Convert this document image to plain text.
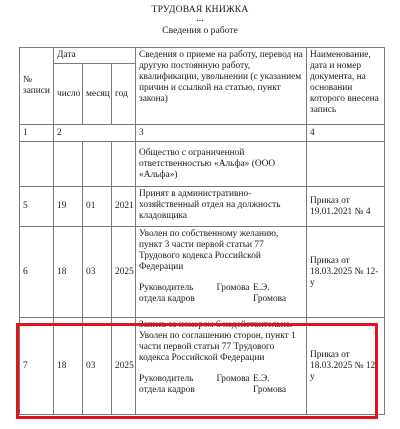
ТРУДОВАЯ КНИЖКА
...
Сведения о работе
№ записи	Дата			Сведения о приеме на работу, перевод на другую постоянную работу, квалификации, увольнении (с указанием причин и ссылкой на статью, пункт закона)	Наименование, дата и номер документа, на основании которого внесена запись
	число	месяц	год		
1	2			3	4
				Общество с ограниченной ответственностью «Альфа» (ООО «Альфа»)	
5	19	01	2021	Принят в административно-хозяйственный отдел на должность кладовщика	Приказ от 19.01.2021 № 4
6	18	03	2025	Уволен по собственному желанию, пункт 3 части первой статьи 77 Трудового кодекса Российской Федерации
Руководитель отдела кадров
Громова Е.Э. Громова	Приказ от 18.03.2025 № 12-у
7	18	03	2025	Запись за номером 6 недействительна. Уволен по соглашению сторон, пункт 1 части первой статьи 77 Трудового кодекса Российской Федерации
Руководитель отдела кадров
Громова Е.Э. Громова	Приказ от 18.03.2025 № 12-у
